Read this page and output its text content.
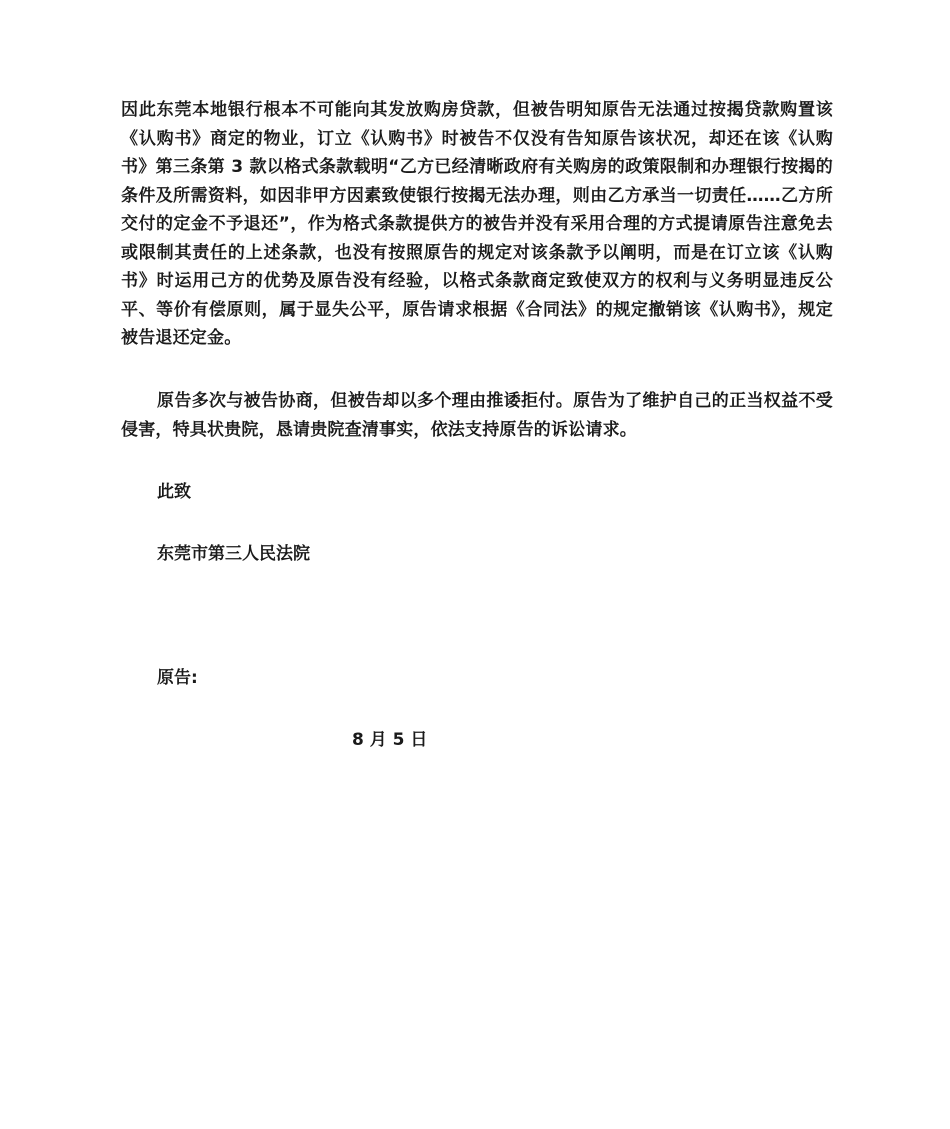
因此东莞本地银行根本不可能向其发放购房贷款，但被告明知原告无法通过按揭贷款购置该《认购书》商定的物业，订立《认购书》时被告不仅没有告知原告该状况，却还在该《认购书》第三条第 3 款以格式条款载明“乙方已经清晰政府有关购房的政策限制和办理银行按揭的条件及所需资料，如因非甲方因素致使银行按揭无法办理，则由乙方承当一切责任……乙方所交付的定金不予退还”，作为格式条款提供方的被告并没有采用合理的方式提请原告注意免去或限制其责任的上述条款，也没有按照原告的规定对该条款予以阐明，而是在订立该《认购书》时运用己方的优势及原告没有经验，以格式条款商定致使双方的权利与义务明显违反公平、等价有偿原则，属于显失公平，原告请求根据《合同法》的规定撤销该《认购书》，规定被告退还定金。
原告多次与被告协商，但被告却以多个理由推诿拒付。原告为了维护自己的正当权益不受侵害，特具状贵院，恳请贵院查清事实，依法支持原告的诉讼请求。
此致
东莞市第三人民法院
原告:
8 月 5 日
